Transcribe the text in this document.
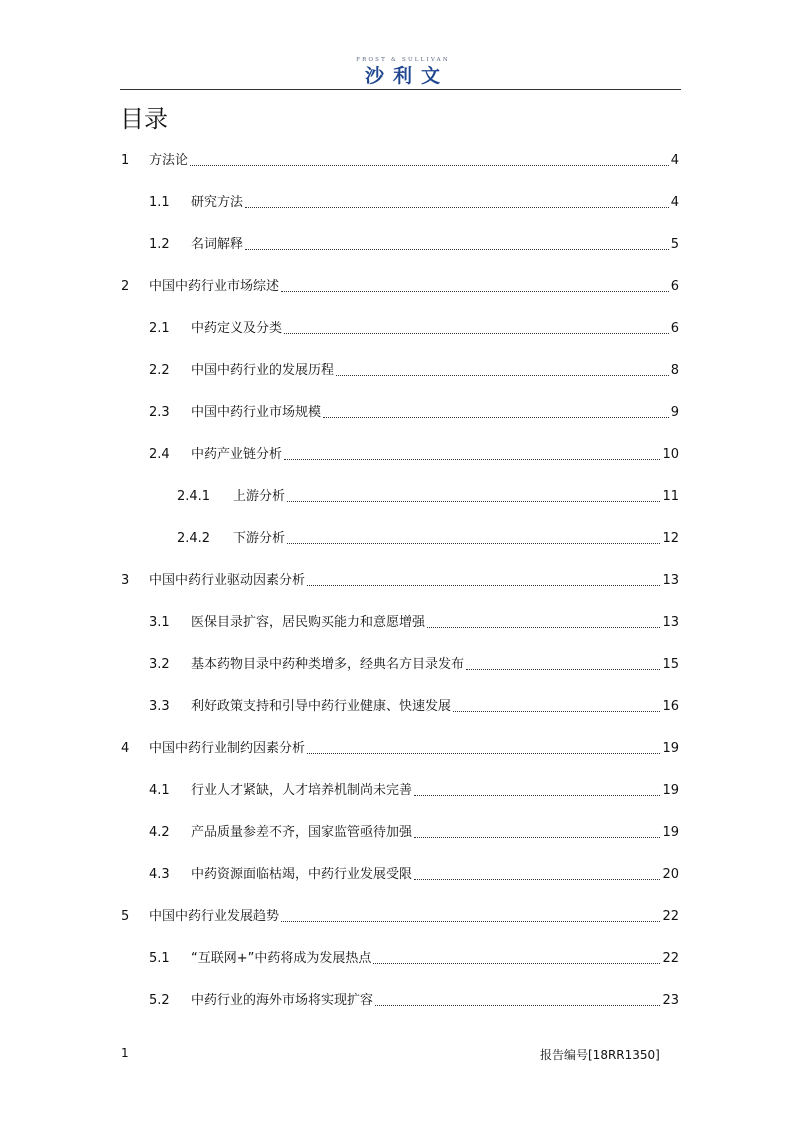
FROST & SULLIVAN
沙利文
目录
1	方法论	4
1.1	研究方法	4
1.2	名词解释	5
2	中国中药行业市场综述	6
2.1	中药定义及分类	6
2.2	中国中药行业的发展历程	8
2.3	中国中药行业市场规模	9
2.4	中药产业链分析	10
2.4.1	上游分析	11
2.4.2	下游分析	12
3	中国中药行业驱动因素分析	13
3.1	医保目录扩容，居民购买能力和意愿增强	13
3.2	基本药物目录中药种类增多，经典名方目录发布	15
3.3	利好政策支持和引导中药行业健康、快速发展	16
4	中国中药行业制约因素分析	19
4.1	行业人才紧缺，人才培养机制尚未完善	19
4.2	产品质量参差不齐，国家监管亟待加强	19
4.3	中药资源面临枯竭，中药行业发展受限	20
5	中国中药行业发展趋势	22
5.1	“互联网+”中药将成为发展热点	22
5.2	中药行业的海外市场将实现扩容	23
1	报告编号[18RR1350]
